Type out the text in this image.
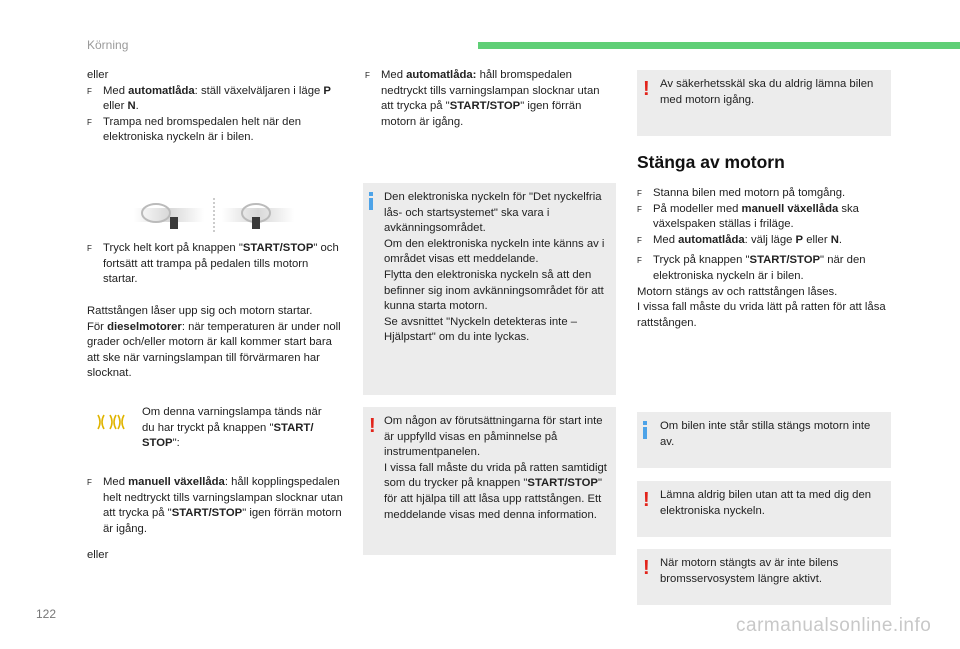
Körning

eller

F Med automatlåda: ställ växelväljaren i läge P eller N.
F Trampa ned bromspedalen helt när den elektroniska nyckeln är i bilen.
F Tryck helt kort på knappen "START/STOP" och fortsätt att trampa på pedalen tills motorn startar.

Rattstången låser upp sig och motorn startar.

För dieselmotorer: när temperaturen är under noll grader och/eller motorn är kall kommer start bara att ske när varningslampan till förvärmaren har slocknat.

Om denna varningslampa tänds när du har tryckt på knappen "START/ STOP":
F Med manuell växellåda: håll kopplingspedalen helt nedtryckt tills varningslampan slocknar utan att trycka på "START/STOP" igen förrän motorn är igång.

eller

F Med automatlåda: håll bromspedalen nedtryckt tills varningslampan slocknar utan att trycka på "START/STOP" igen förrän motorn är igång.

Den elektroniska nyckeln för "Det nyckelfria lås- och startsystemet" ska vara i avkänningsområdet.

Om den elektroniska nyckeln inte känns av i området visas ett meddelande.

Flytta den elektroniska nyckeln så att den befinner sig inom avkänningsområdet för att kunna starta motorn.

Se avsnittet "Nyckeln detekteras inte – Hjälpstart" om du inte lyckas.

! Om någon av förutsättningarna för start inte är uppfylld visas en påminnelse på instrumentpanelen.

I vissa fall måste du vrida på ratten samtidigt som du trycker på knappen "START/STOP" för att hjälpa till att låsa upp rattstången. Ett meddelande visas med denna information.

! Av säkerhetsskäl ska du aldrig lämna bilen med motorn igång.
Stänga av motorn
F Stanna bilen med motorn på tomgång.
F På modeller med manuell växellåda ska växelspaken ställas i friläge.
F Med automatlåda: välj läge P eller N.
F Tryck på knappen "START/STOP" när den elektroniska nyckeln är i bilen.

Motorn stängs av och rattstången låses.

I vissa fall måste du vrida lätt på ratten för att låsa rattstången.

Om bilen inte står stilla stängs motorn inte av.
! Lämna aldrig bilen utan att ta med dig den elektroniska nyckeln.
! När motorn stängts av är inte bilens bromsservosystem längre aktivt.
122
carmanualsonline.info
